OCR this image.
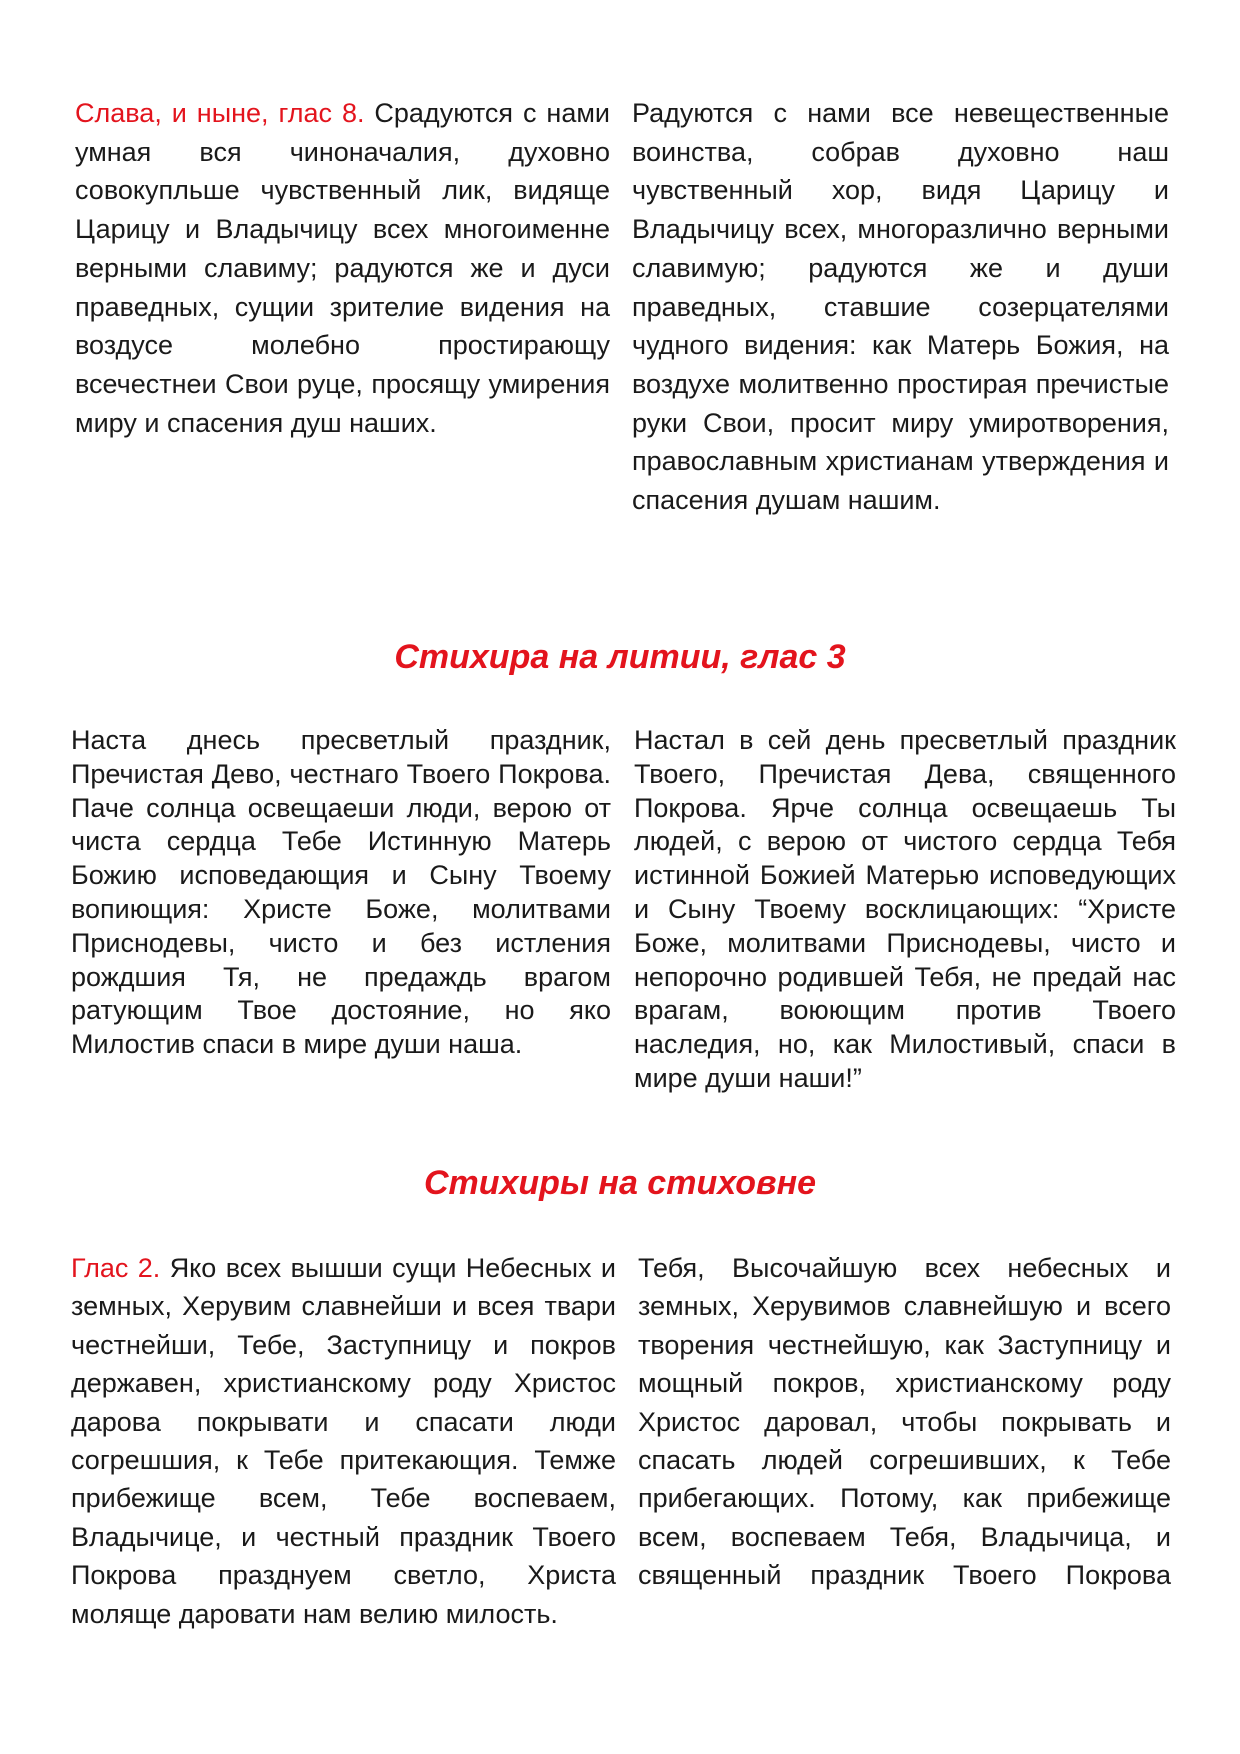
Слава, и ныне, глас 8. Срадуются с нами умная вся чиноначалия, духовно совокупльше чувственный лик, видяще Царицу и Владычицу всех многоименне верными славиму; радуются же и дуси праведных, сущии зрителие видения на воздусе молебно простирающу всечестнеи Свои руце, просящу умирения миру и спасения душ наших.
Радуются с нами все невещественные воинства, собрав духовно наш чувственный хор, видя Царицу и Владычицу всех, многоразлично верными славимую; радуются же и души праведных, ставшие созерцателями чудного видения: как Матерь Божия, на воздухе молитвенно простирая пречистые руки Свои, просит миру умиротворения, православным христианам утверждения и спасения душам нашим.
Стихира на литии, глас 3
Наста днесь пресветлый праздник, Пречистая Дево, честнаго Твоего Покрова. Паче солнца освещаеши люди, верою от чиста сердца Тебе Истинную Матерь Божию исповедающия и Сыну Твоему вопиющия: Христе Боже, молитвами Приснодевы, чисто и без истления рождшия Тя, не предаждь врагом ратующим Твое достояние, но яко Милостив спаси в мире души наша.
Настал в сей день пресветлый праздник Твоего, Пречистая Дева, священного Покрова. Ярче солнца освещаешь Ты людей, с верою от чистого сердца Тебя истинной Божией Матерью исповедующих и Сыну Твоему восклицающих: “Христе Боже, молитвами Приснодевы, чисто и непорочно родившей Тебя, не предай нас врагам, воюющим против Твоего наследия, но, как Милостивый, спаси в мире души наши!”
Стихиры на стиховне
Глас 2. Яко всех вышши сущи Небесных и земных, Херувим славнейши и всея твари честнейши, Тебе, Заступницу и покров державен, христианскому роду Христос дарова покрывати и спасати люди согрешшия, к Тебе притекающия. Темже прибежище всем, Тебе воспеваем, Владычице, и честный праздник Твоего Покрова празднуем светло, Христа моляще даровати нам велию милость.
Тебя, Высочайшую всех небесных и земных, Херувимов славнейшую и всего творения честнейшую, как Заступницу и мощный покров, христианскому роду Христос даровал, чтобы покрывать и спасать людей согрешивших, к Тебе прибегающих. Потому, как прибежище всем, воспеваем Тебя, Владычица, и священный праздник Твоего Покрова
